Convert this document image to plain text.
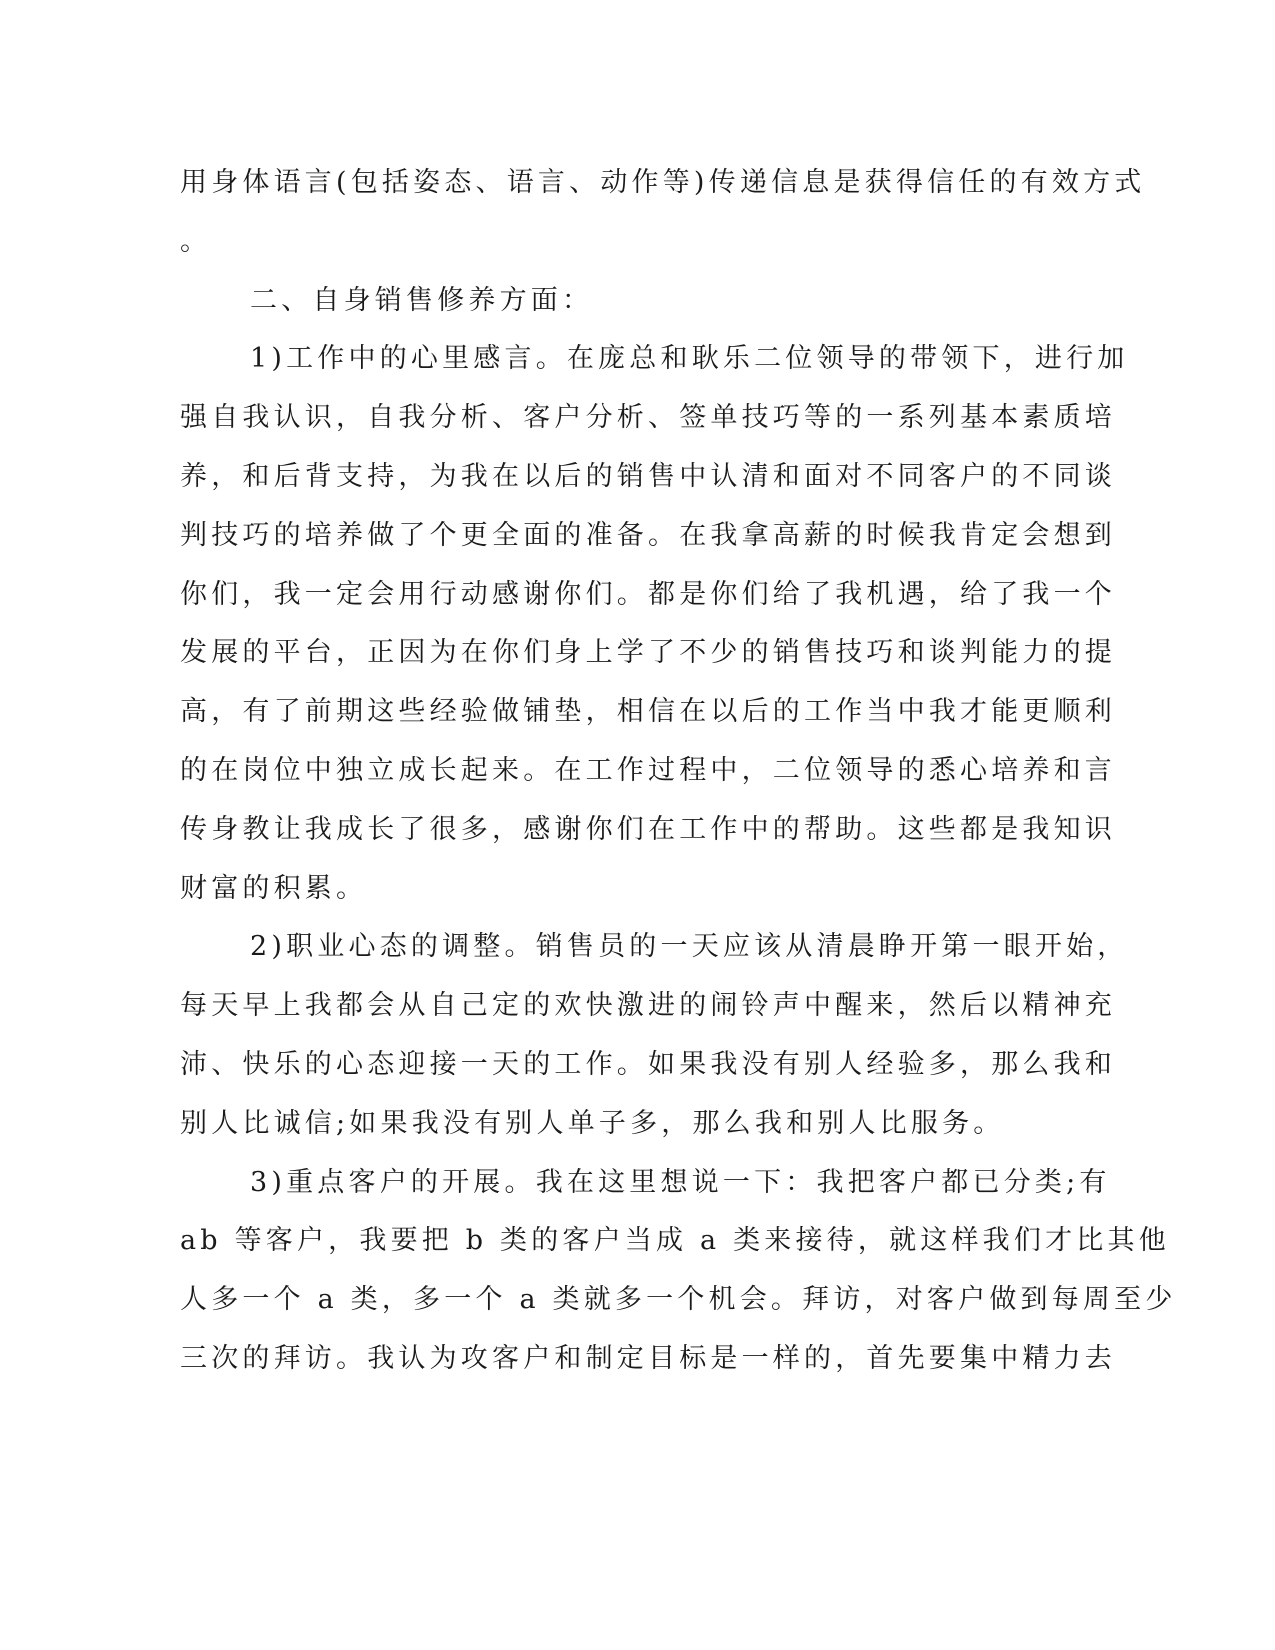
用身体语言(包括姿态、语言、动作等)传递信息是获得信任的有效方式
。
二、自身销售修养方面：
1)工作中的心里感言。在庞总和耿乐二位领导的带领下，进行加
强自我认识，自我分析、客户分析、签单技巧等的一系列基本素质培
养，和后背支持，为我在以后的销售中认清和面对不同客户的不同谈
判技巧的培养做了个更全面的准备。在我拿高薪的时候我肯定会想到
你们，我一定会用行动感谢你们。都是你们给了我机遇，给了我一个
发展的平台，正因为在你们身上学了不少的销售技巧和谈判能力的提
高，有了前期这些经验做铺垫，相信在以后的工作当中我才能更顺利
的在岗位中独立成长起来。在工作过程中，二位领导的悉心培养和言
传身教让我成长了很多，感谢你们在工作中的帮助。这些都是我知识
财富的积累。
2)职业心态的调整。销售员的一天应该从清晨睁开第一眼开始，
每天早上我都会从自己定的欢快激进的闹铃声中醒来，然后以精神充
沛、快乐的心态迎接一天的工作。如果我没有别人经验多，那么我和
别人比诚信;如果我没有别人单子多，那么我和别人比服务。
3)重点客户的开展。我在这里想说一下：我把客户都已分类;有
ab 等客户，我要把 b 类的客户当成 a 类来接待，就这样我们才比其他
人多一个 a 类，多一个 a 类就多一个机会。拜访，对客户做到每周至少
三次的拜访。我认为攻客户和制定目标是一样的，首先要集中精力去
